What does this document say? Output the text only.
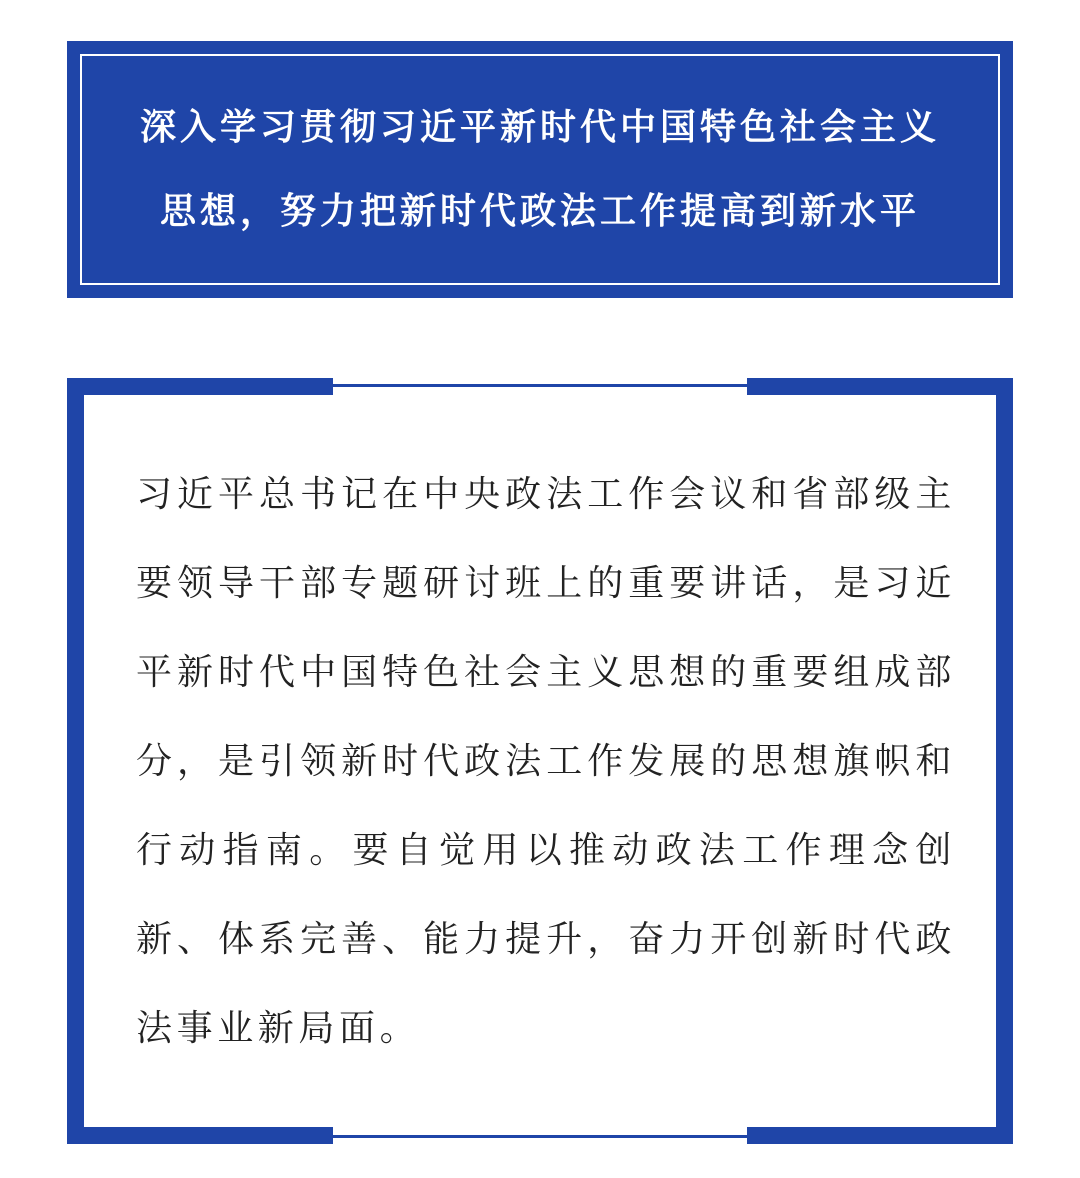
深入学习贯彻习近平新时代中国特色社会主义
思想，努力把新时代政法工作提高到新水平

习近平总书记在中央政法工作会议和省部级主要领导干部专题研讨班上的重要讲话，是习近平新时代中国特色社会主义思想的重要组成部分，是引领新时代政法工作发展的思想旗帜和行动指南。要自觉用以推动政法工作理念创新、体系完善、能力提升，奋力开创新时代政法事业新局面。
